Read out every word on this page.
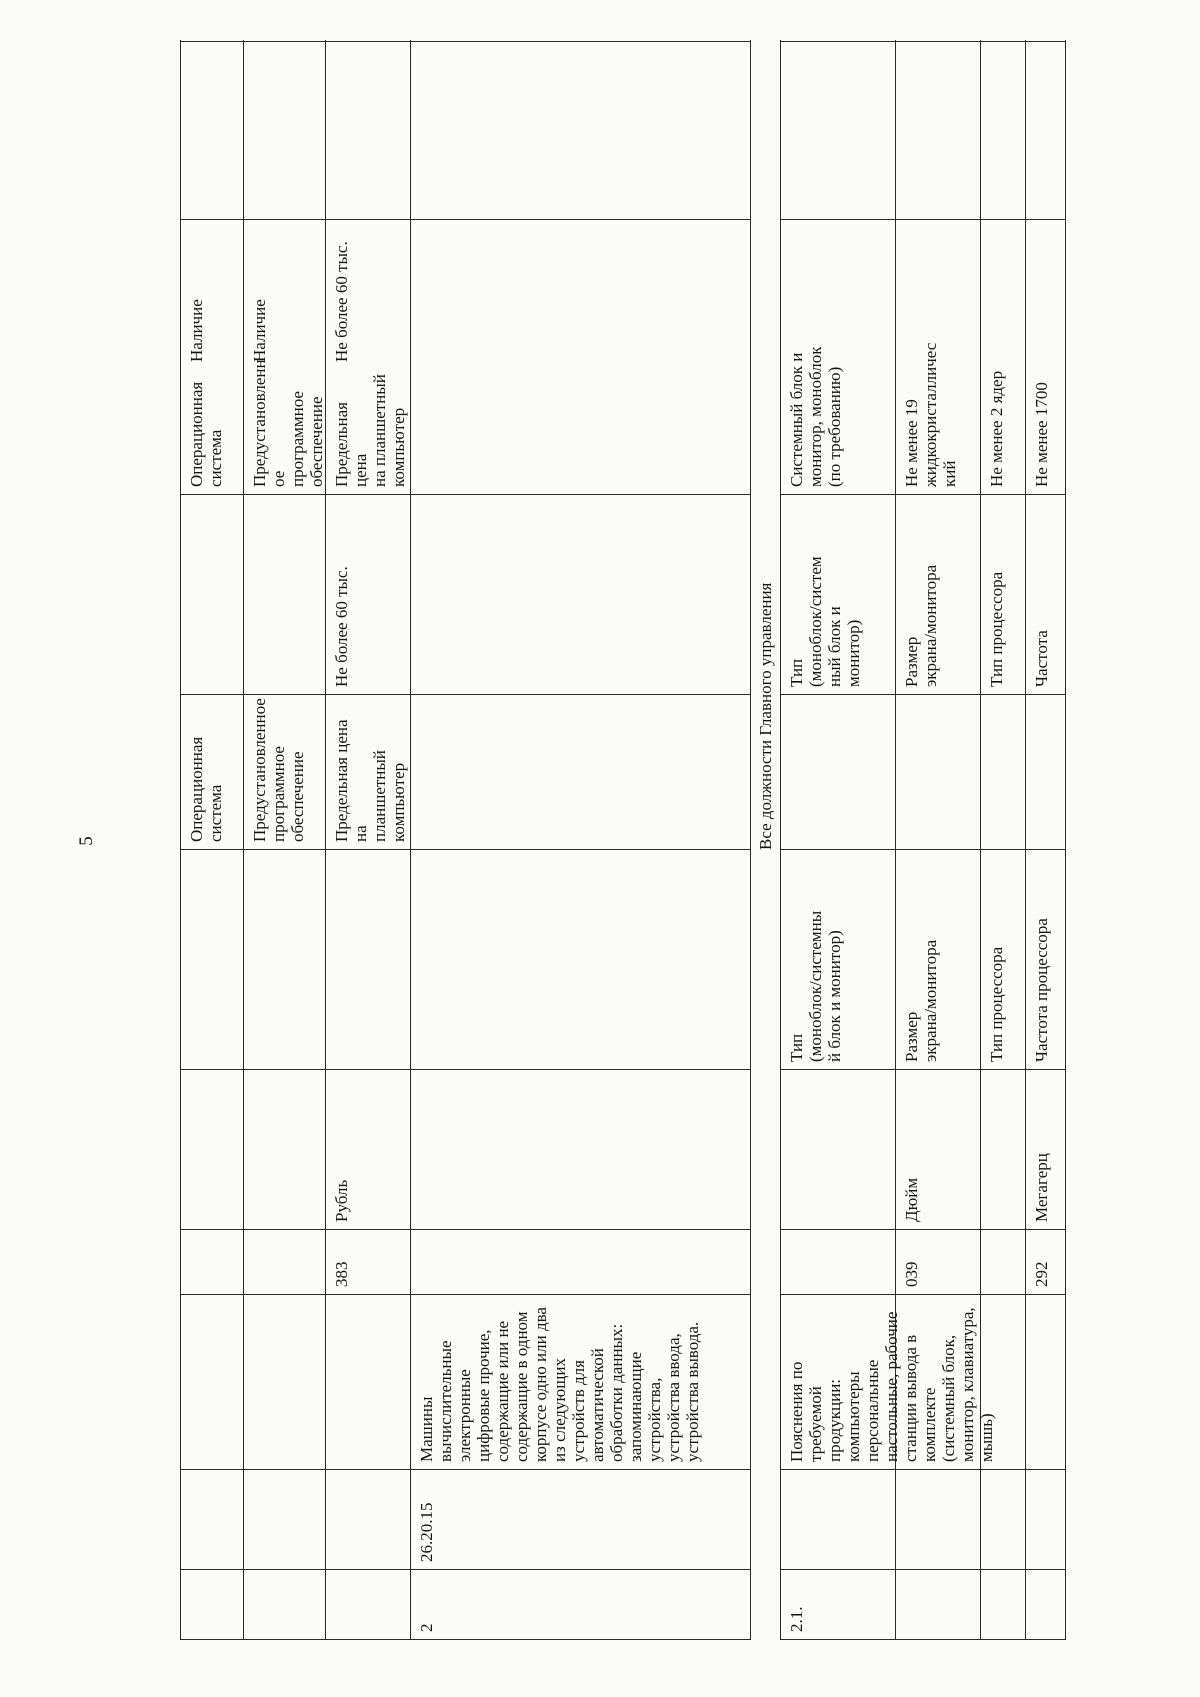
5	Операционная
система
Операционная
система
Наличие
Предустановленное
программное
обеспечение
Предустановленн
ое программное
обеспечение
Наличие
383
Рубль
Предельная цена на
планшетный
компьютер
Не более 60 тыс.
Предельная цена
на планшетный
компьютер
Не более 60 тыс.
2
26.20.15
Машины
вычислительные
электронные
цифровые прочие,
содержащие или не
содержащие в одном
корпусе одно или два
из следующих
устройств для
автоматической
обработки данных:
запоминающие
устройства,
устройства ввода,
устройства вывода.
Все должности Главного управления
2.1.
Пояснения по
требуемой
продукции:
компьютеры
персональные
настольные, рабочие
станции вывода в
комплекте
(системный блок,
монитор, клавиатура,
мышь)
Тип
(моноблок/системны
й блок и монитор)
Тип
(моноблок/систем
ный блок и
монитор)
Системный блок и
монитор, моноблок
(по требованию)
039
Дюйм
Размер
экрана/монитора
Размер
экрана/монитора
Не менее 19
жидкокристалличес
кий
Тип процессора
Тип процессора
Не менее 2 ядер
292
Мегагерц
Частота процессора
Частота
Не менее 1700
